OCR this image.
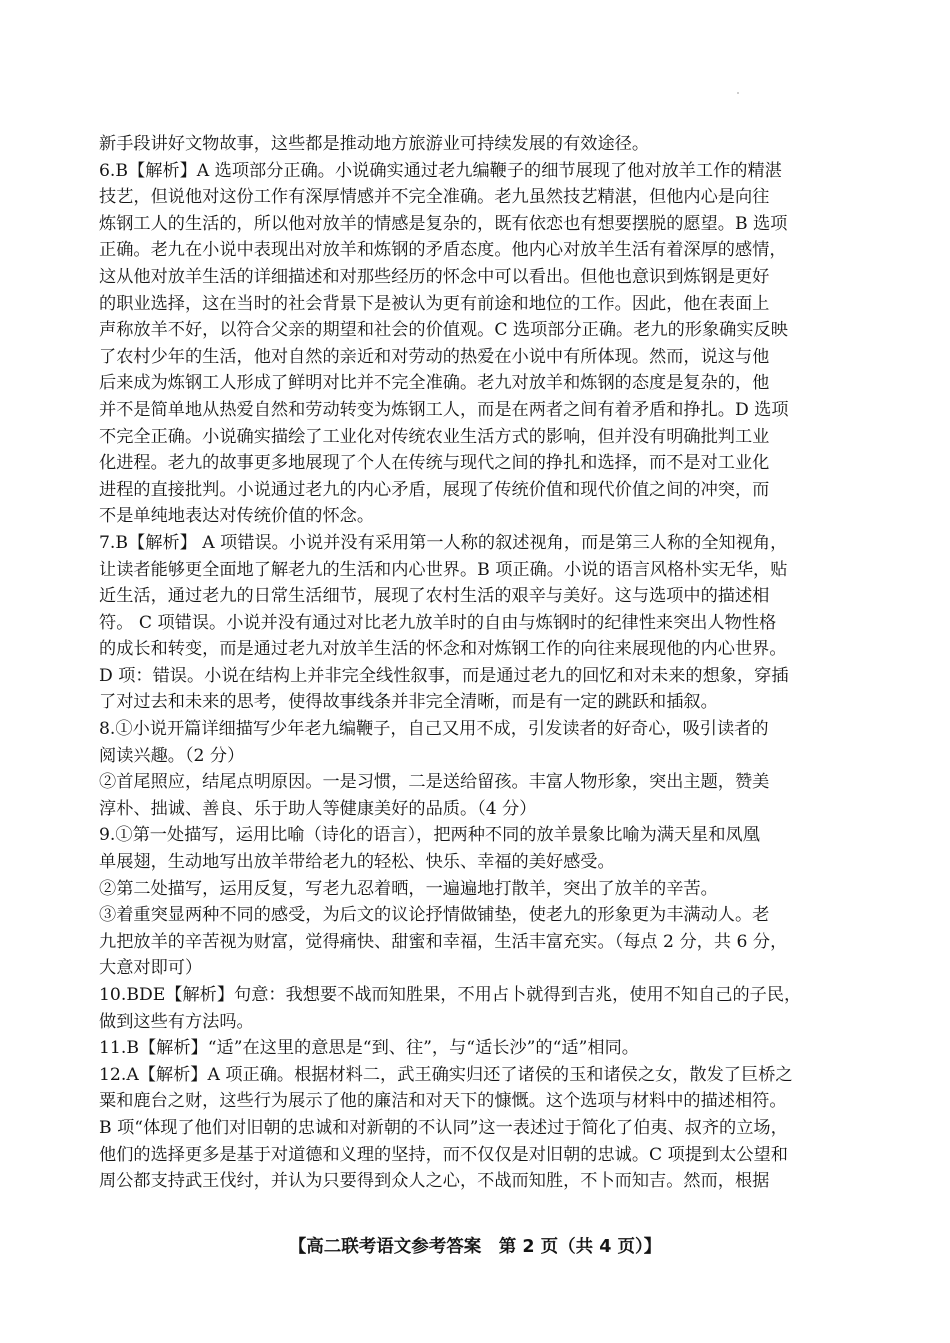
新手段讲好文物故事，这些都是推动地方旅游业可持续发展的有效途径。
6.B【解析】A 选项部分正确。小说确实通过老九编鞭子的细节展现了他对放羊工作的精湛
技艺，但说他对这份工作有深厚情感并不完全准确。老九虽然技艺精湛，但他内心是向往
炼钢工人的生活的，所以他对放羊的情感是复杂的，既有依恋也有想要摆脱的愿望。B 选项
正确。老九在小说中表现出对放羊和炼钢的矛盾态度。他内心对放羊生活有着深厚的感情，
这从他对放羊生活的详细描述和对那些经历的怀念中可以看出。但他也意识到炼钢是更好
的职业选择，这在当时的社会背景下是被认为更有前途和地位的工作。因此，他在表面上
声称放羊不好，以符合父亲的期望和社会的价值观。C 选项部分正确。老九的形象确实反映
了农村少年的生活，他对自然的亲近和对劳动的热爱在小说中有所体现。然而，说这与他
后来成为炼钢工人形成了鲜明对比并不完全准确。老九对放羊和炼钢的态度是复杂的，他
并不是简单地从热爱自然和劳动转变为炼钢工人，而是在两者之间有着矛盾和挣扎。D 选项
不完全正确。小说确实描绘了工业化对传统农业生活方式的影响，但并没有明确批判工业
化进程。老九的故事更多地展现了个人在传统与现代之间的挣扎和选择，而不是对工业化
进程的直接批判。小说通过老九的内心矛盾，展现了传统价值和现代价值之间的冲突，而
不是单纯地表达对传统价值的怀念。
7.B【解析】 A 项错误。小说并没有采用第一人称的叙述视角，而是第三人称的全知视角，
让读者能够更全面地了解老九的生活和内心世界。B 项正确。小说的语言风格朴实无华，贴
近生活，通过老九的日常生活细节，展现了农村生活的艰辛与美好。这与选项中的描述相
符。 C 项错误。小说并没有通过对比老九放羊时的自由与炼钢时的纪律性来突出人物性格
的成长和转变，而是通过老九对放羊生活的怀念和对炼钢工作的向往来展现他的内心世界。
D 项：错误。小说在结构上并非完全线性叙事，而是通过老九的回忆和对未来的想象，穿插
了对过去和未来的思考，使得故事线条并非完全清晰，而是有一定的跳跃和插叙。
8.①小说开篇详细描写少年老九编鞭子，自己又用不成，引发读者的好奇心，吸引读者的
阅读兴趣。（2 分）
②首尾照应，结尾点明原因。一是习惯，二是送给留孩。丰富人物形象，突出主题，赞美
淳朴、拙诚、善良、乐于助人等健康美好的品质。（4 分）
9.①第一处描写，运用比喻（诗化的语言），把两种不同的放羊景象比喻为满天星和凤凰
单展翅，生动地写出放羊带给老九的轻松、快乐、幸福的美好感受。
②第二处描写，运用反复，写老九忍着晒，一遍遍地打散羊，突出了放羊的辛苦。
③着重突显两种不同的感受，为后文的议论抒情做铺垫，使老九的形象更为丰满动人。老
九把放羊的辛苦视为财富，觉得痛快、甜蜜和幸福，生活丰富充实。（每点 2 分，共 6 分，
大意对即可）
10.BDE【解析】句意：我想要不战而知胜果，不用占卜就得到吉兆，使用不知自己的子民，
做到这些有方法吗。
11.B【解析】“适”在这里的意思是“到、往”，与“适长沙”的“适”相同。
12.A【解析】A 项正确。根据材料二，武王确实归还了诸侯的玉和诸侯之女，散发了巨桥之
粟和鹿台之财，这些行为展示了他的廉洁和对天下的慷慨。这个选项与材料中的描述相符。
B 项“体现了他们对旧朝的忠诚和对新朝的不认同”这一表述过于简化了伯夷、叔齐的立场，
他们的选择更多是基于对道德和义理的坚持，而不仅仅是对旧朝的忠诚。C 项提到太公望和
周公都支持武王伐纣，并认为只要得到众人之心，不战而知胜，不卜而知吉。然而，根据
【高二联考语文参考答案　第 2 页（共 4 页）】
